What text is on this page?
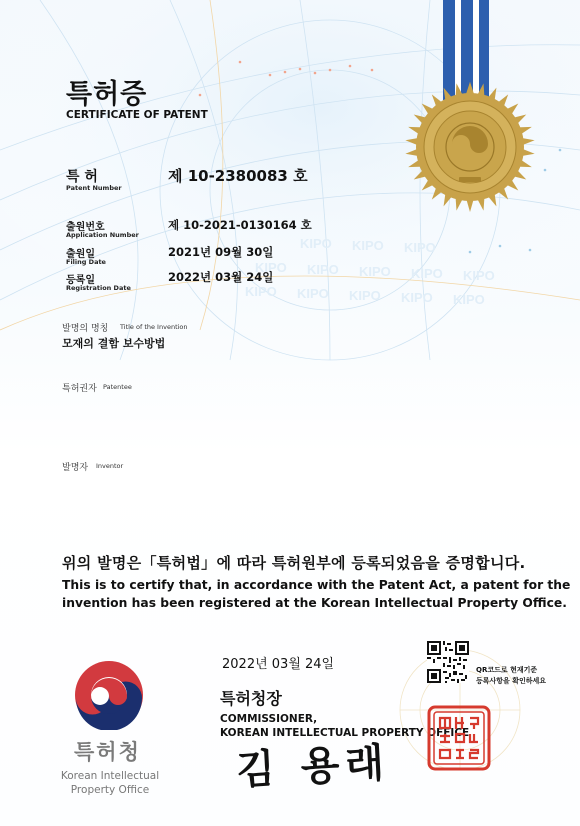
KIPO KIPO KIPO
KIPO KIPO KIPO KIPO KIPO
KIPO KIPO KIPO KIPO KIPO
특허증
CERTIFICATE OF PATENT
특 허
Patent Number
제 10-2380083 호
출원번호
Application Number
제 10-2021-0130164 호
출원일
Filing Date
2021년 09월 30일
등록일
Registration Date
2022년 03월 24일
발명의 명칭 Title of the Invention
모재의 결함 보수방법
특허권자 Patentee
발명자 Inventor
위의 발명은「특허법」에 따라 특허원부에 등록되었음을 증명합니다.
This is to certify that, in accordance with the Patent Act, a patent for the
invention has been registered at the Korean Intellectual Property Office.
2022년 03월 24일	QR코드로 현재기준
등록사항을 확인하세요
특허청장
COMMISSIONER,
KOREAN INTELLECTUAL PROPERTY OFFICE
김 용래
특허청
Korean Intellectual
Property Office
